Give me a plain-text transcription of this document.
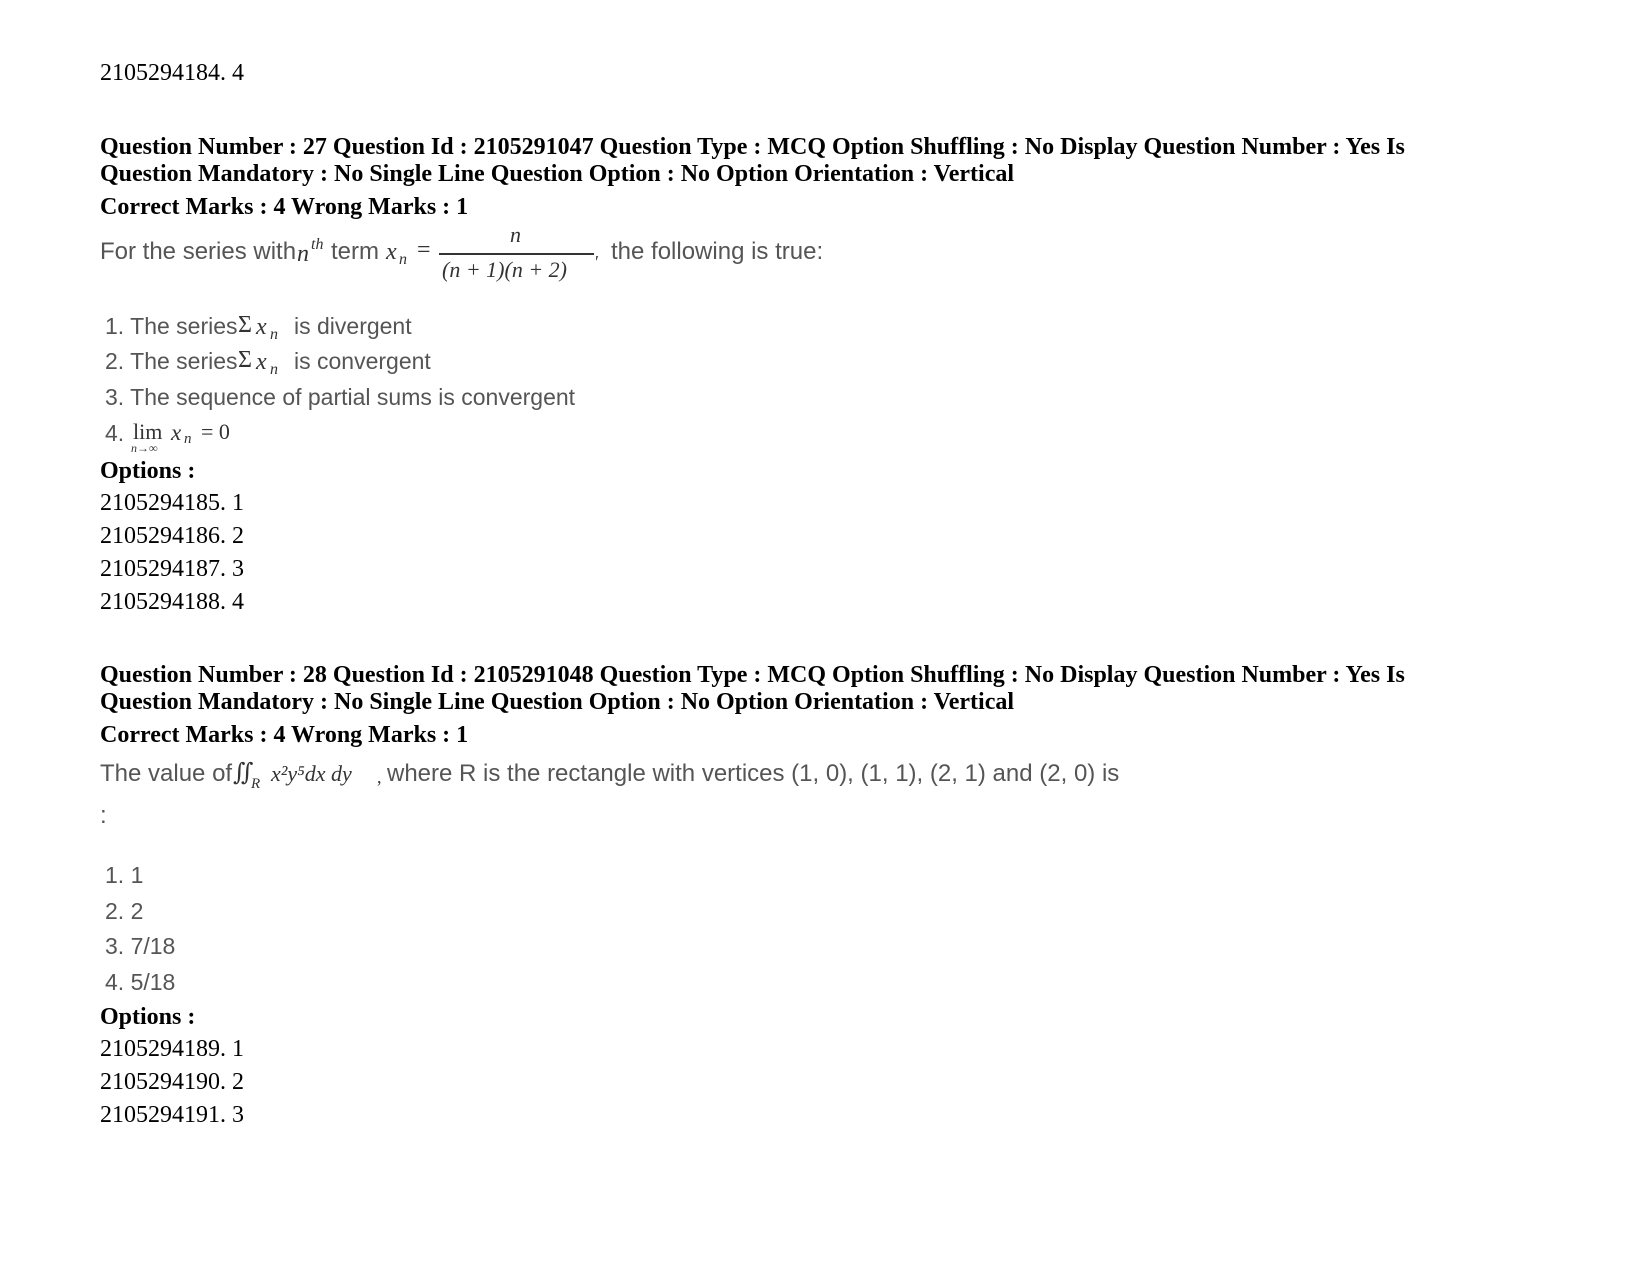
2105294184. 4
Question Number : 27 Question Id : 2105291047 Question Type : MCQ Option Shuffling : No Display Question Number : Yes Is
Question Mandatory : No Single Line Question Option : No Option Orientation : Vertical
Correct Marks : 4 Wrong Marks : 1
For the series with n th term x n =
n
(n + 1)(n + 2) ′ the following is true:
1. The series Σ x n is divergent
2. The series Σ x n is convergent
3. The sequence of partial sums is convergent
4. lim
n→∞
x n = 0
Options :
2105294185. 1
2105294186. 2
2105294187. 3
2105294188. 4
Question Number : 28 Question Id : 2105291048 Question Type : MCQ Option Shuffling : No Display Question Number : Yes Is
Question Mandatory : No Single Line Question Option : No Option Orientation : Vertical
Correct Marks : 4 Wrong Marks : 1
The value of ∬
R x²y⁵dx dy , where R is the rectangle with vertices (1, 0), (1, 1), (2, 1) and (2, 0) is
:
1. 1
2. 2
3. 7/18
4. 5/18
Options :
2105294189. 1
2105294190. 2
2105294191. 3
